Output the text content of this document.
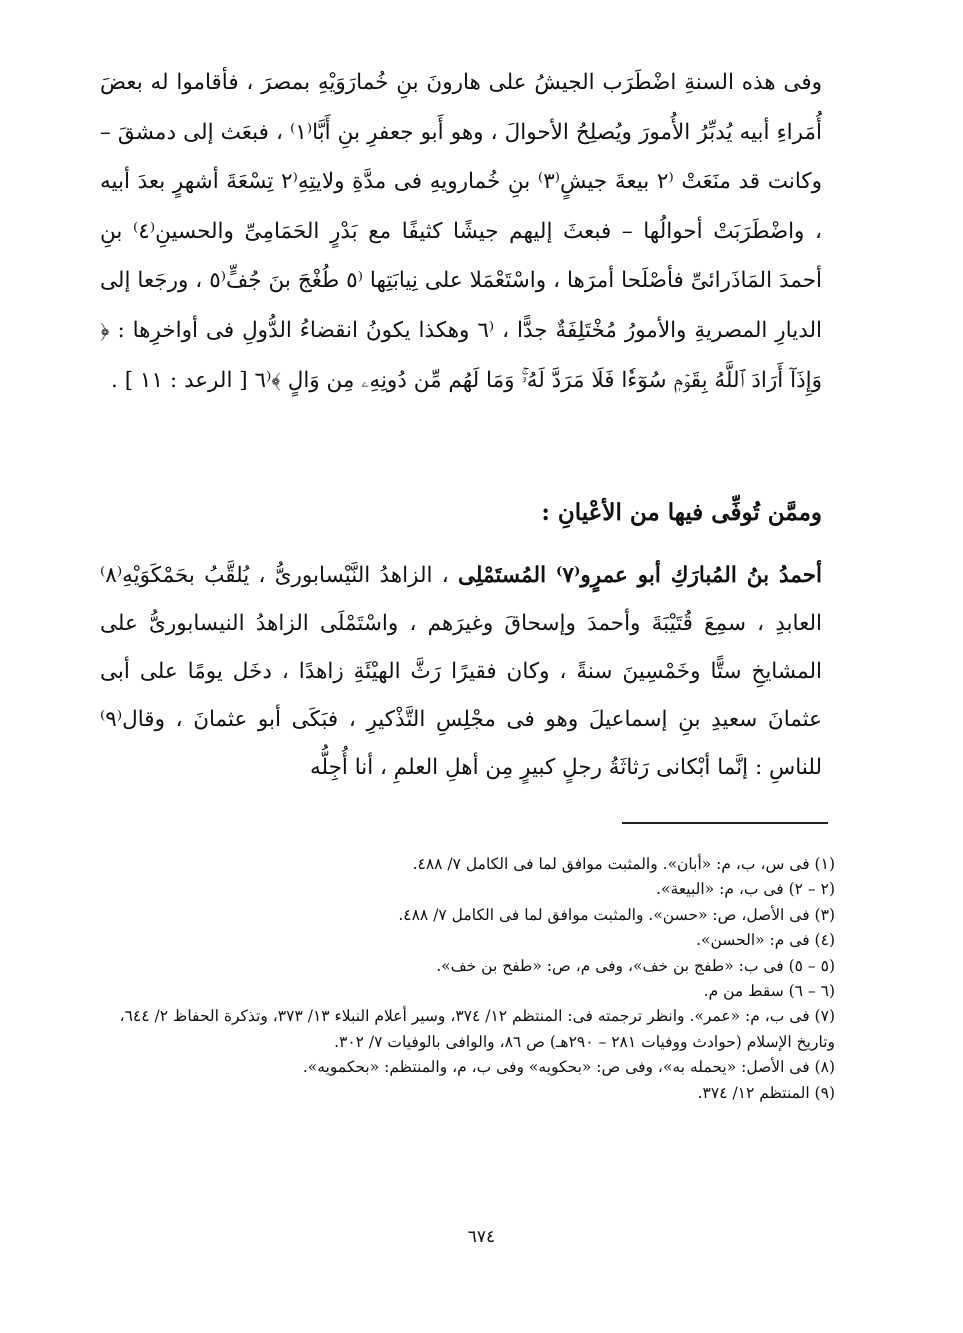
وفى هذه السنةِ اضْطَرَب الجيشُ على هارونَ بنِ خُمارَوَيْهِ بمصرَ ، فأقاموا له بعضَ أُمَراءِ أبيه يُدبِّرُ الأُمورَ ويُصلِحُ الأحوالَ ، وهو أَبو جعفرِ بنِ أَبَّا⁽١⁾ ، فبعَث إلى دمشقَ – وكانت قد منَعَتْ ⁽٢ بيعةَ جيشٍ⁽٣⁾ بنِ خُمارويهِ فى مدَّةِ ولايتِهِ⁽٢ تِسْعَةَ أشهرٍ بعدَ أبيه ، واضْطَرَبَتْ أحوالُها – فبعثَ إليهم جيشًا كثيفًا مع بَدْرٍ الحَمَامِىِّ والحسينِ⁽٤⁾ بنِ أحمدَ المَاذَرائىِّ فأصْلَحا أمرَها ، واسْتَعْمَلا على نِيابَتِها ⁽٥ طُغْجَ بنَ جُفٍّ⁽٥ ، ورجَعا إلى الديارِ المصريةِ والأمورُ مُخْتَلِفَةٌ جدًّا ، ⁽٦ وهكذا يكونُ انقضاءُ الدُّولِ فى أواخرِها : ﴿ وَإِذَآ أَرَادَ ٱللَّهُ بِقَوۡمٖ سُوٓءٗا فَلَا مَرَدَّ لَهُۥۚ وَمَا لَهُم مِّن دُونِهِۦ مِن وَالٍ ﴾⁽٦ [ الرعد : ١١ ] .

وممَّن تُوفِّى فيها من الأعْيانِ :

أحمدُ بنُ المُبارَكِ أبو عمرٍو⁽٧⁾ المُستَمْلِى ، الزاهدُ النَّيْسابورىُّ ، يُلقَّبُ بحَمْكَوَيْهِ⁽٨⁾ العابدِ ، سمِعَ قُتَيْبَةَ وأحمدَ وإسحاقَ وغيرَهم ، واسْتَمْلَى الزاهدُ النيسابورىُّ على المشايخِ ستًّا وخَمْسِينَ سنةً ، وكان فقيرًا رَثَّ الهيْئَةِ زاهدًا ، دخَل يومًا على أبى عثمانَ سعيدِ بنِ إسماعيلَ وهو فى مجْلِسِ التَّذْكيرِ ، فبَكَى أبو عثمانَ ، وقال⁽٩⁾ للناسِ : إنَّما أبْكانى رَثاثَةُ رجلٍ كبيرٍ مِن أهلِ العلمِ ، أنا أُجِلُّه

(١) فى س، ب، م: «أبان». والمثبت موافق لما فى الكامل ٧/ ٤٨٨.
(٢ – ٢) فى ب، م: «البيعة».
(٣) فى الأصل، ص: «حسن». والمثبت موافق لما فى الكامل ٧/ ٤٨٨.
(٤) فى م: «الحسن».
(٥ – ٥) فى ب: «طفج بن خف»، وفى م، ص: «طفح بن خف».
(٦ – ٦) سقط من م.
(٧) فى ب، م: «عمر». وانظر ترجمته فى: المنتظم ١٢/ ٣٧٤، وسير أعلام النبلاء ١٣/ ٣٧٣، وتذكرة الحفاظ ٢/ ٦٤٤، وتاريخ الإسلام (حوادث ووفيات ٢٨١ – ٢٩٠هـ) ص ٨٦، والوافى بالوفيات ٧/ ٣٠٢.
(٨) فى الأصل: «يحمله به»، وفى ص: «بحكويه» وفى ب، م، والمنتظم: «بحكمويه».
(٩) المنتظم ١٢/ ٣٧٤.
٦٧٤
